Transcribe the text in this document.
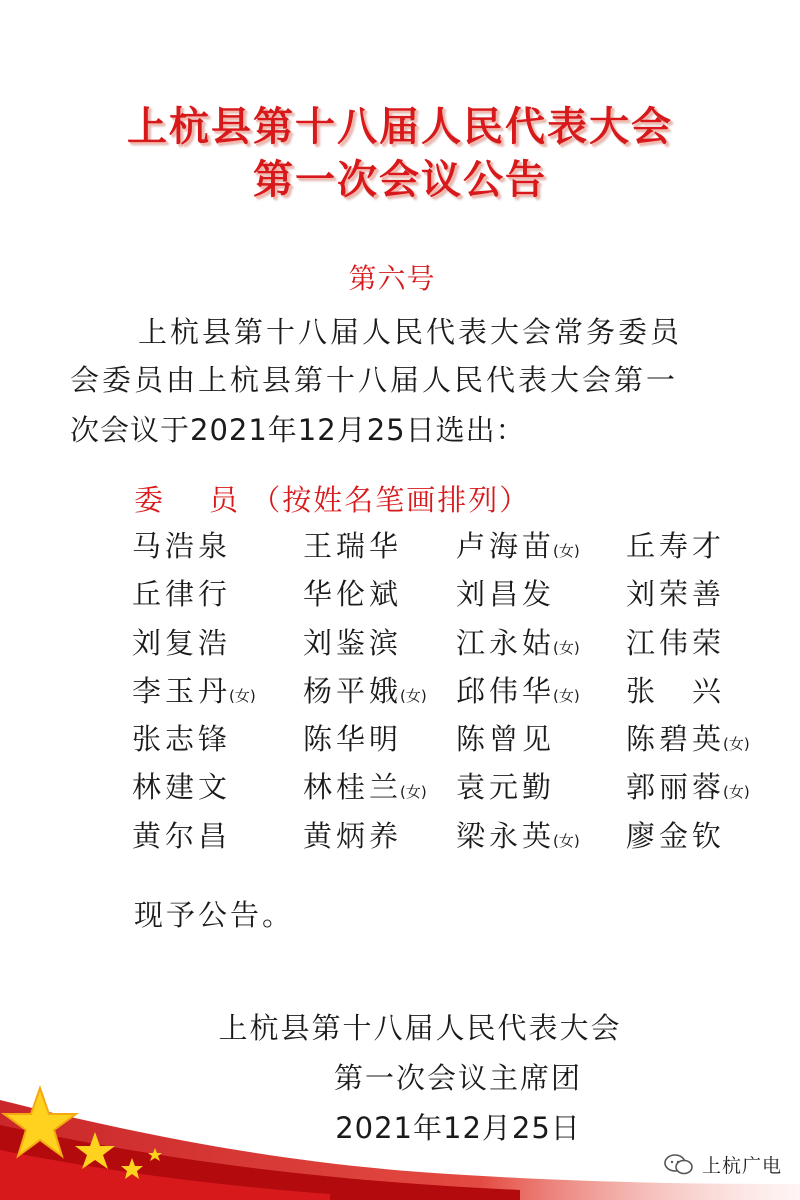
上杭县第十八届人民代表大会
第一次会议公告
第六号
上杭县第十八届人民代表大会常务委员
会委员由上杭县第十八届人民代表大会第一
次会议于2021年12月25日选出：
委 员 （按姓名笔画排列）
马浩泉 王瑞华 卢海苗(女) 丘寿才
丘律行 华伦斌 刘昌发 刘荣善
刘复浩 刘鉴滨 江永姑(女) 江伟荣
李玉丹(女) 杨平娥(女) 邱伟华(女) 张　兴
张志锋 陈华明 陈曾见 陈碧英(女)
林建文 林桂兰(女) 袁元勤 郭丽蓉(女)
黄尔昌 黄炳养 梁永英(女) 廖金钦
现予公告。
上杭县第十八届人民代表大会
第一次会议主席团
2021年12月25日
上杭广电
